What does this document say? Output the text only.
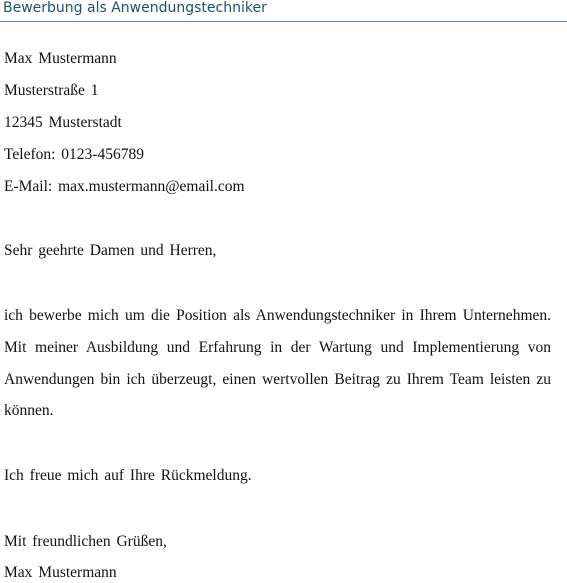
Bewerbung als Anwendungstechniker
Max Mustermann
Musterstraße 1
12345 Musterstadt
Telefon: 0123-456789
E-Mail: max.mustermann@email.com
Sehr geehrte Damen und Herren,
ich bewerbe mich um die Position als Anwendungstechniker in Ihrem Unternehmen.
Mit meiner Ausbildung und Erfahrung in der Wartung und Implementierung von
Anwendungen bin ich überzeugt, einen wertvollen Beitrag zu Ihrem Team leisten zu
können.
Ich freue mich auf Ihre Rückmeldung.
Mit freundlichen Grüßen,
Max Mustermann
